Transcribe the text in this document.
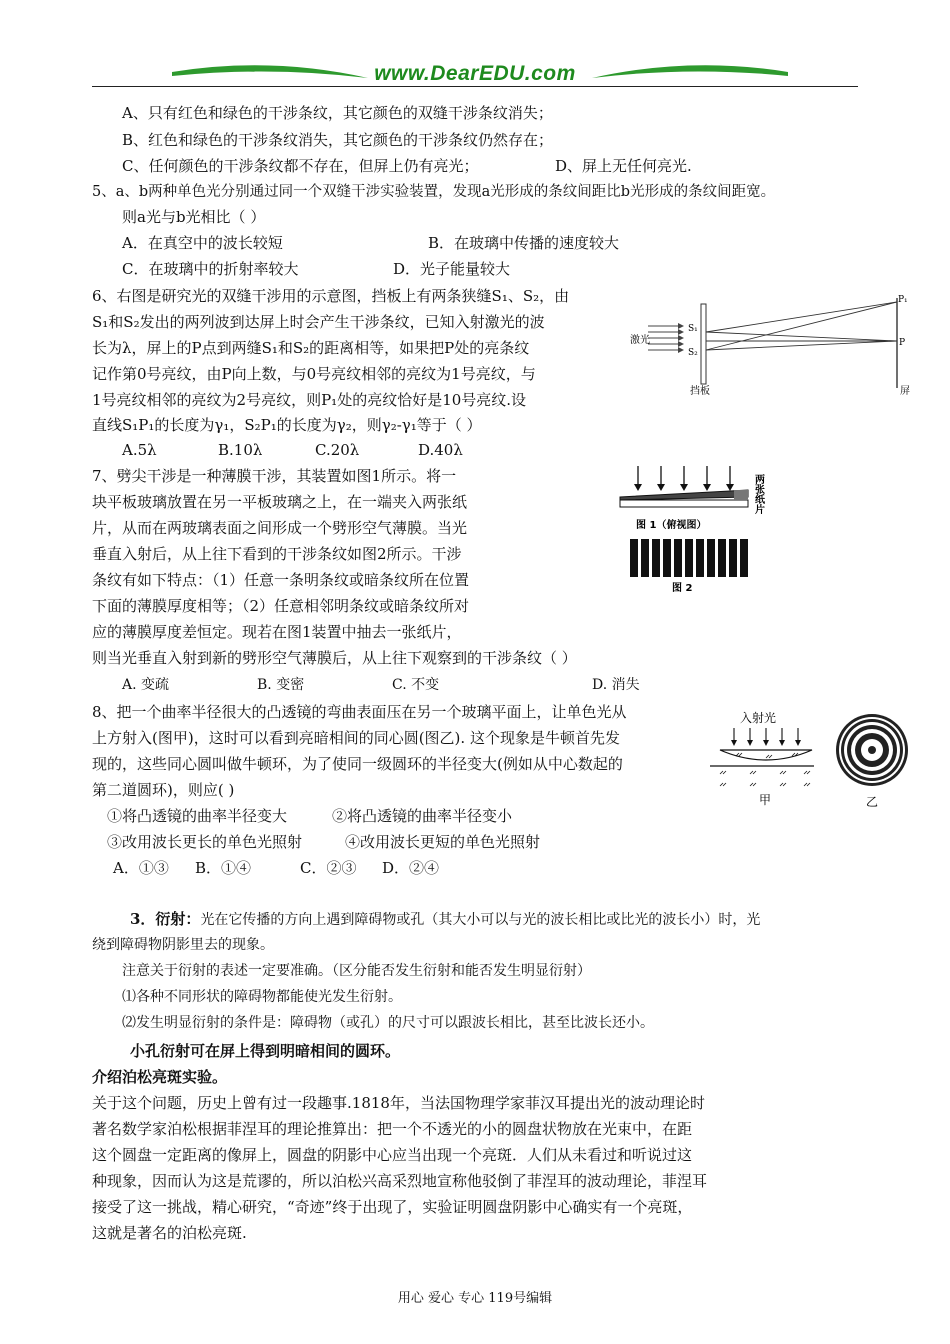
www.DearEDU.com
A、只有红色和绿色的干涉条纹，其它颜色的双缝干涉条纹消失；
B、红色和绿色的干涉条纹消失，其它颜色的干涉条纹仍然存在；
C、任何颜色的干涉条纹都不存在，但屏上仍有亮光；	D、屏上无任何亮光.
5、a、b两种单色光分别通过同一个双缝干涉实验装置，发现a光形成的条纹间距比b光形成的条纹间距宽。
则a光与b光相比（ ）
A．在真空中的波长较短	B．在玻璃中传播的速度较大
C．在玻璃中的折射率较大	D．光子能量较大
6、右图是研究光的双缝干涉用的示意图，挡板上有两条狭缝S₁、S₂，由
S₁和S₂发出的两列波到达屏上时会产生干涉条纹，已知入射激光的波
长为λ，屏上的P点到两缝S₁和S₂的距离相等，如果把P处的亮条纹
记作第0号亮纹，由P向上数，与0号亮纹相邻的亮纹为1号亮纹，与
1号亮纹相邻的亮纹为2号亮纹，则P₁处的亮纹恰好是10号亮纹.设
直线S₁P₁的长度为γ₁，S₂P₁的长度为γ₂，则γ₂-γ₁等于（ ）
A.5λ	B.10λ	C.20λ	D.40λ
激光
S₁
S₂
P₁
P
挡板	屏
7、劈尖干涉是一种薄膜干涉，其装置如图1所示。将一
块平板玻璃放置在另一平板玻璃之上，在一端夹入两张纸
片，从而在两玻璃表面之间形成一个劈形空气薄膜。当光
垂直入射后，从上往下看到的干涉条纹如图2所示。干涉
条纹有如下特点：（1）任意一条明条纹或暗条纹所在位置
下面的薄膜厚度相等；（2）任意相邻明条纹或暗条纹所对
应的薄膜厚度差恒定。现若在图1装置中抽去一张纸片，
则当光垂直入射到新的劈形空气薄膜后，从上往下观察到的干涉条纹（ ）
A. 变疏	B. 变密	C. 不变	D. 消失
两张纸片
图 1（俯视图）
图 2
8、把一个曲率半径很大的凸透镜的弯曲表面压在另一个玻璃平面上，让单色光从
上方射入(图甲)，这时可以看到亮暗相间的同心圆(图乙). 这个现象是牛顿首先发
现的，这些同心圆叫做牛顿环，为了使同一级圆环的半径变大(例如从中心数起的
第二道圆环)，则应( )
①将凸透镜的曲率半径变大	②将凸透镜的曲率半径变小
③改用波长更长的单色光照射	④改用波长更短的单色光照射
A．①③ B．①④	C．②③ D．②④
入射光
甲	乙
3．衍射：光在它传播的方向上遇到障碍物或孔（其大小可以与光的波长相比或比光的波长小）时，光
绕到障碍物阴影里去的现象。
注意关于衍射的表述一定要准确。（区分能否发生衍射和能否发生明显衍射）
⑴各种不同形状的障碍物都能使光发生衍射。
⑵发生明显衍射的条件是：障碍物（或孔）的尺寸可以跟波长相比，甚至比波长还小。
小孔衍射可在屏上得到明暗相间的圆环。
介绍泊松亮斑实验。
关于这个问题，历史上曾有过一段趣事.1818年，当法国物理学家菲汉耳提出光的波动理论时
著名数学家泊松根据菲涅耳的理论推算出：把一个不透光的小的圆盘状物放在光束中，在距
这个圆盘一定距离的像屏上，圆盘的阴影中心应当出现一个亮斑．人们从未看过和听说过这
种现象，因而认为这是荒谬的，所以泊松兴高采烈地宣称他驳倒了菲涅耳的波动理论，菲涅耳
接受了这一挑战，精心研究，“奇迹”终于出现了，实验证明圆盘阴影中心确实有一个亮斑，
这就是著名的泊松亮斑.
用心 爱心 专心 119号编辑
